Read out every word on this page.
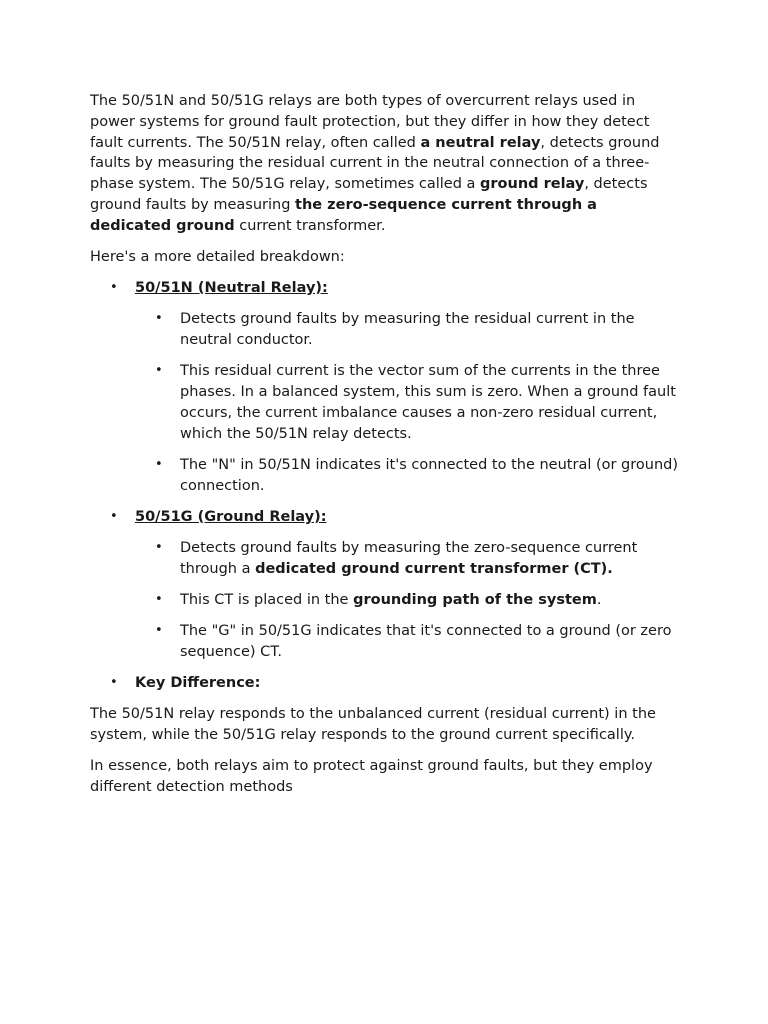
The 50/51N and 50/51G relays are both types of overcurrent relays used in power systems for ground fault protection, but they differ in how they detect fault currents. The 50/51N relay, often called a neutral relay, detects ground faults by measuring the residual current in the neutral connection of a three-phase system. The 50/51G relay, sometimes called a ground relay, detects ground faults by measuring the zero-sequence current through a dedicated ground current transformer.

Here's a more detailed breakdown:

• 50/51N (Neutral Relay):
• Detects ground faults by measuring the residual current in the neutral conductor.
• This residual current is the vector sum of the currents in the three phases. In a balanced system, this sum is zero. When a ground fault occurs, the current imbalance causes a non-zero residual current, which the 50/51N relay detects.
• The "N" in 50/51N indicates it's connected to the neutral (or ground) connection.
• 50/51G (Ground Relay):
• Detects ground faults by measuring the zero-sequence current through a dedicated ground current transformer (CT).
• This CT is placed in the grounding path of the system.
• The "G" in 50/51G indicates that it's connected to a ground (or zero sequence) CT.
• Key Difference:

The 50/51N relay responds to the unbalanced current (residual current) in the system, while the 50/51G relay responds to the ground current specifically.

In essence, both relays aim to protect against ground faults, but they employ different detection methods
